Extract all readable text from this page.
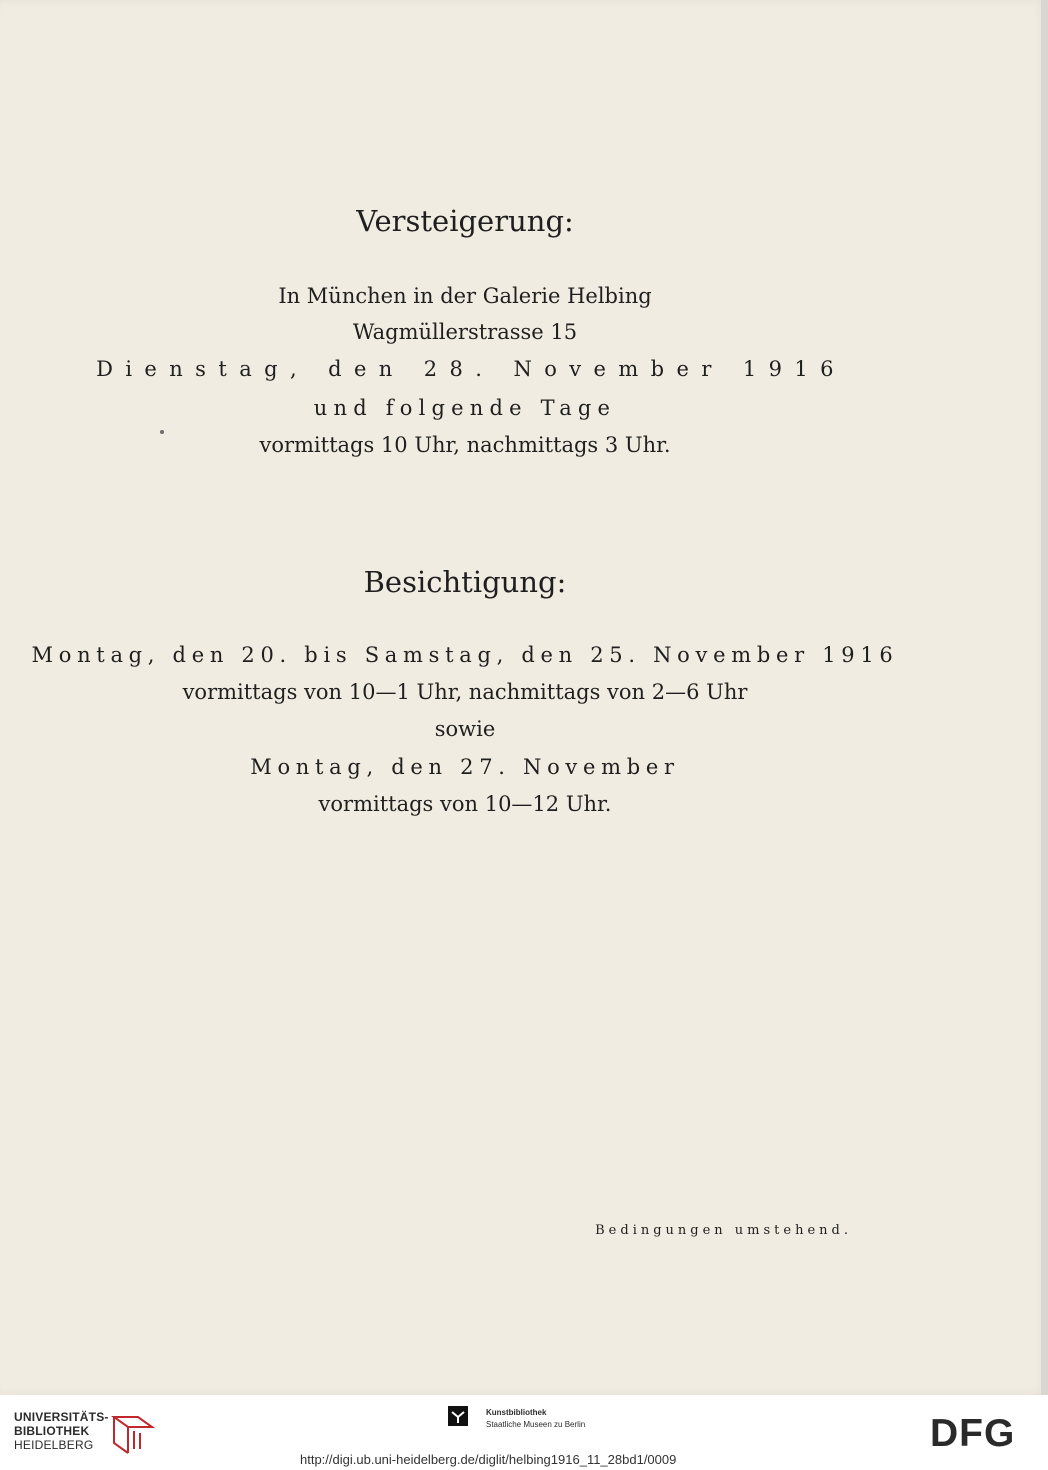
Versteigerung:
In München in der Galerie Helbing
Wagmüllerstrasse 15
Dienstag, den 28. November 1916
und folgende Tage
vormittags 10 Uhr, nachmittags 3 Uhr.
Besichtigung:
Montag, den 20. bis Samstag, den 25. November 1916
vormittags von 10—1 Uhr, nachmittags von 2—6 Uhr
sowie
Montag, den 27. November
vormittags von 10—12 Uhr.
Bedingungen umstehend.
UNIVERSITÄTS-
BIBLIOTHEK
HEIDELBERG
Kunstbibliothek
Staatliche Museen zu Berlin	DFG
http://digi.ub.uni-heidelberg.de/diglit/helbing1916_11_28bd1/0009
